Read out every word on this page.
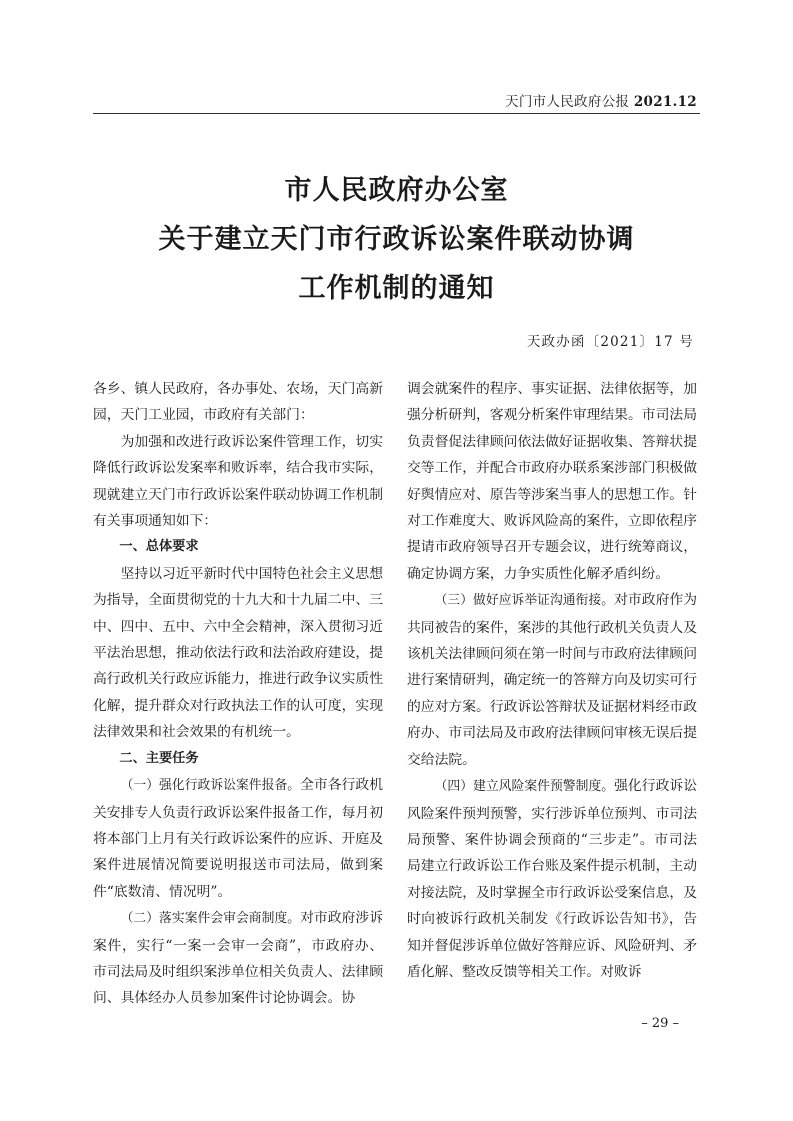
天门市人民政府公报 2021.12
市人民政府办公室
关于建立天门市行政诉讼案件联动协调
工作机制的通知
天政办函〔2021〕17 号

各乡、镇人民政府，各办事处、农场，天门高新园，天门工业园，市政府有关部门：

为加强和改进行政诉讼案件管理工作，切实降低行政诉讼发案率和败诉率，结合我市实际，现就建立天门市行政诉讼案件联动协调工作机制有关事项通知如下：

一、总体要求

坚持以习近平新时代中国特色社会主义思想为指导，全面贯彻党的十九大和十九届二中、三中、四中、五中、六中全会精神，深入贯彻习近平法治思想，推动依法行政和法治政府建设，提高行政机关行政应诉能力，推进行政争议实质性化解，提升群众对行政执法工作的认可度，实现法律效果和社会效果的有机统一。

二、主要任务

（一）强化行政诉讼案件报备。全市各行政机关安排专人负责行政诉讼案件报备工作，每月初将本部门上月有关行政诉讼案件的应诉、开庭及案件进展情况简要说明报送市司法局，做到案件“底数清、情况明”。

（二）落实案件会审会商制度。对市政府涉诉案件，实行“一案一会审一会商”，市政府办、市司法局及时组织案涉单位相关负责人、法律顾问、具体经办人员参加案件讨论协调会。协

调会就案件的程序、事实证据、法律依据等，加强分析研判，客观分析案件审理结果。市司法局负责督促法律顾问依法做好证据收集、答辩状提交等工作，并配合市政府办联系案涉部门积极做好舆情应对、原告等涉案当事人的思想工作。针对工作难度大、败诉风险高的案件，立即依程序提请市政府领导召开专题会议，进行统筹商议，确定协调方案，力争实质性化解矛盾纠纷。

（三）做好应诉举证沟通衔接。对市政府作为共同被告的案件，案涉的其他行政机关负责人及该机关法律顾问须在第一时间与市政府法律顾问进行案情研判，确定统一的答辩方向及切实可行的应对方案。行政诉讼答辩状及证据材料经市政府办、市司法局及市政府法律顾问审核无误后提交给法院。

（四）建立风险案件预警制度。强化行政诉讼风险案件预判预警，实行涉诉单位预判、市司法局预警、案件协调会预商的“三步走”。市司法局建立行政诉讼工作台账及案件提示机制，主动对接法院，及时掌握全市行政诉讼受案信息，及时向被诉行政机关制发《行政诉讼告知书》，告知并督促涉诉单位做好答辩应诉、风险研判、矛盾化解、整改反馈等相关工作。对败诉

– 29 –
